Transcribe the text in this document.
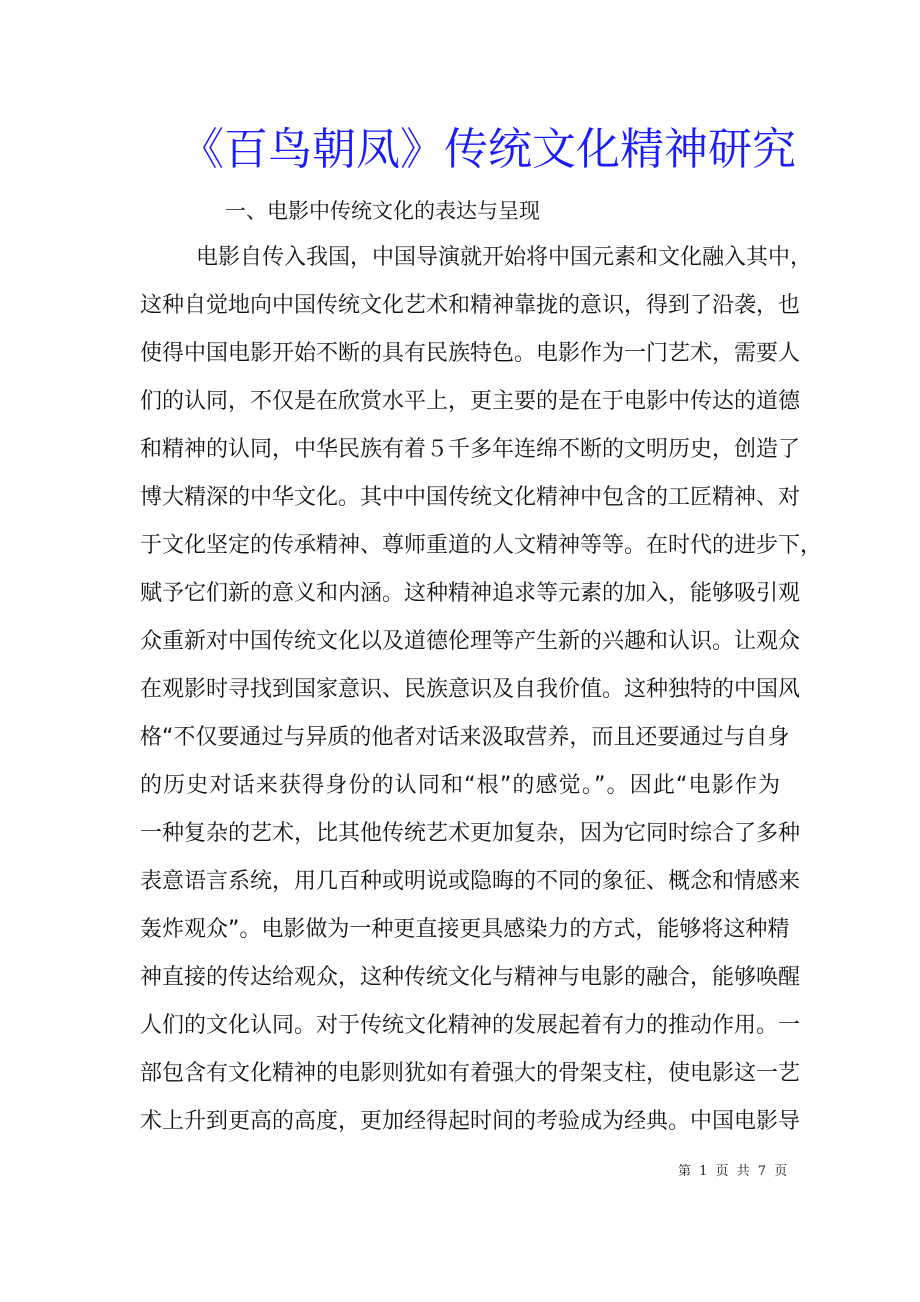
《百鸟朝凤》传统文化精神研究
一、电影中传统文化的表达与呈现
电影自传入我国，中国导演就开始将中国元素和文化融入其中，
这种自觉地向中国传统文化艺术和精神靠拢的意识，得到了沿袭，也
使得中国电影开始不断的具有民族特色。电影作为一门艺术，需要人
们的认同，不仅是在欣赏水平上，更主要的是在于电影中传达的道德
和精神的认同，中华民族有着５千多年连绵不断的文明历史，创造了
博大精深的中华文化。其中中国传统文化精神中包含的工匠精神、对
于文化坚定的传承精神、尊师重道的人文精神等等。在时代的进步下，
赋予它们新的意义和内涵。这种精神追求等元素的加入，能够吸引观
众重新对中国传统文化以及道德伦理等产生新的兴趣和认识。让观众
在观影时寻找到国家意识、民族意识及自我价值。这种独特的中国风
格“不仅要通过与异质的他者对话来汲取营养，而且还要通过与自身
的历史对话来获得身份的认同和“根”的感觉。”。因此“电影作为
一种复杂的艺术，比其他传统艺术更加复杂，因为它同时综合了多种
表意语言系统，用几百种或明说或隐晦的不同的象征、概念和情感来
轰炸观众”。电影做为一种更直接更具感染力的方式，能够将这种精
神直接的传达给观众，这种传统文化与精神与电影的融合，能够唤醒
人们的文化认同。对于传统文化精神的发展起着有力的推动作用。一
部包含有文化精神的电影则犹如有着强大的骨架支柱，使电影这一艺
术上升到更高的高度，更加经得起时间的考验成为经典。中国电影导
第 1 页 共 7 页
